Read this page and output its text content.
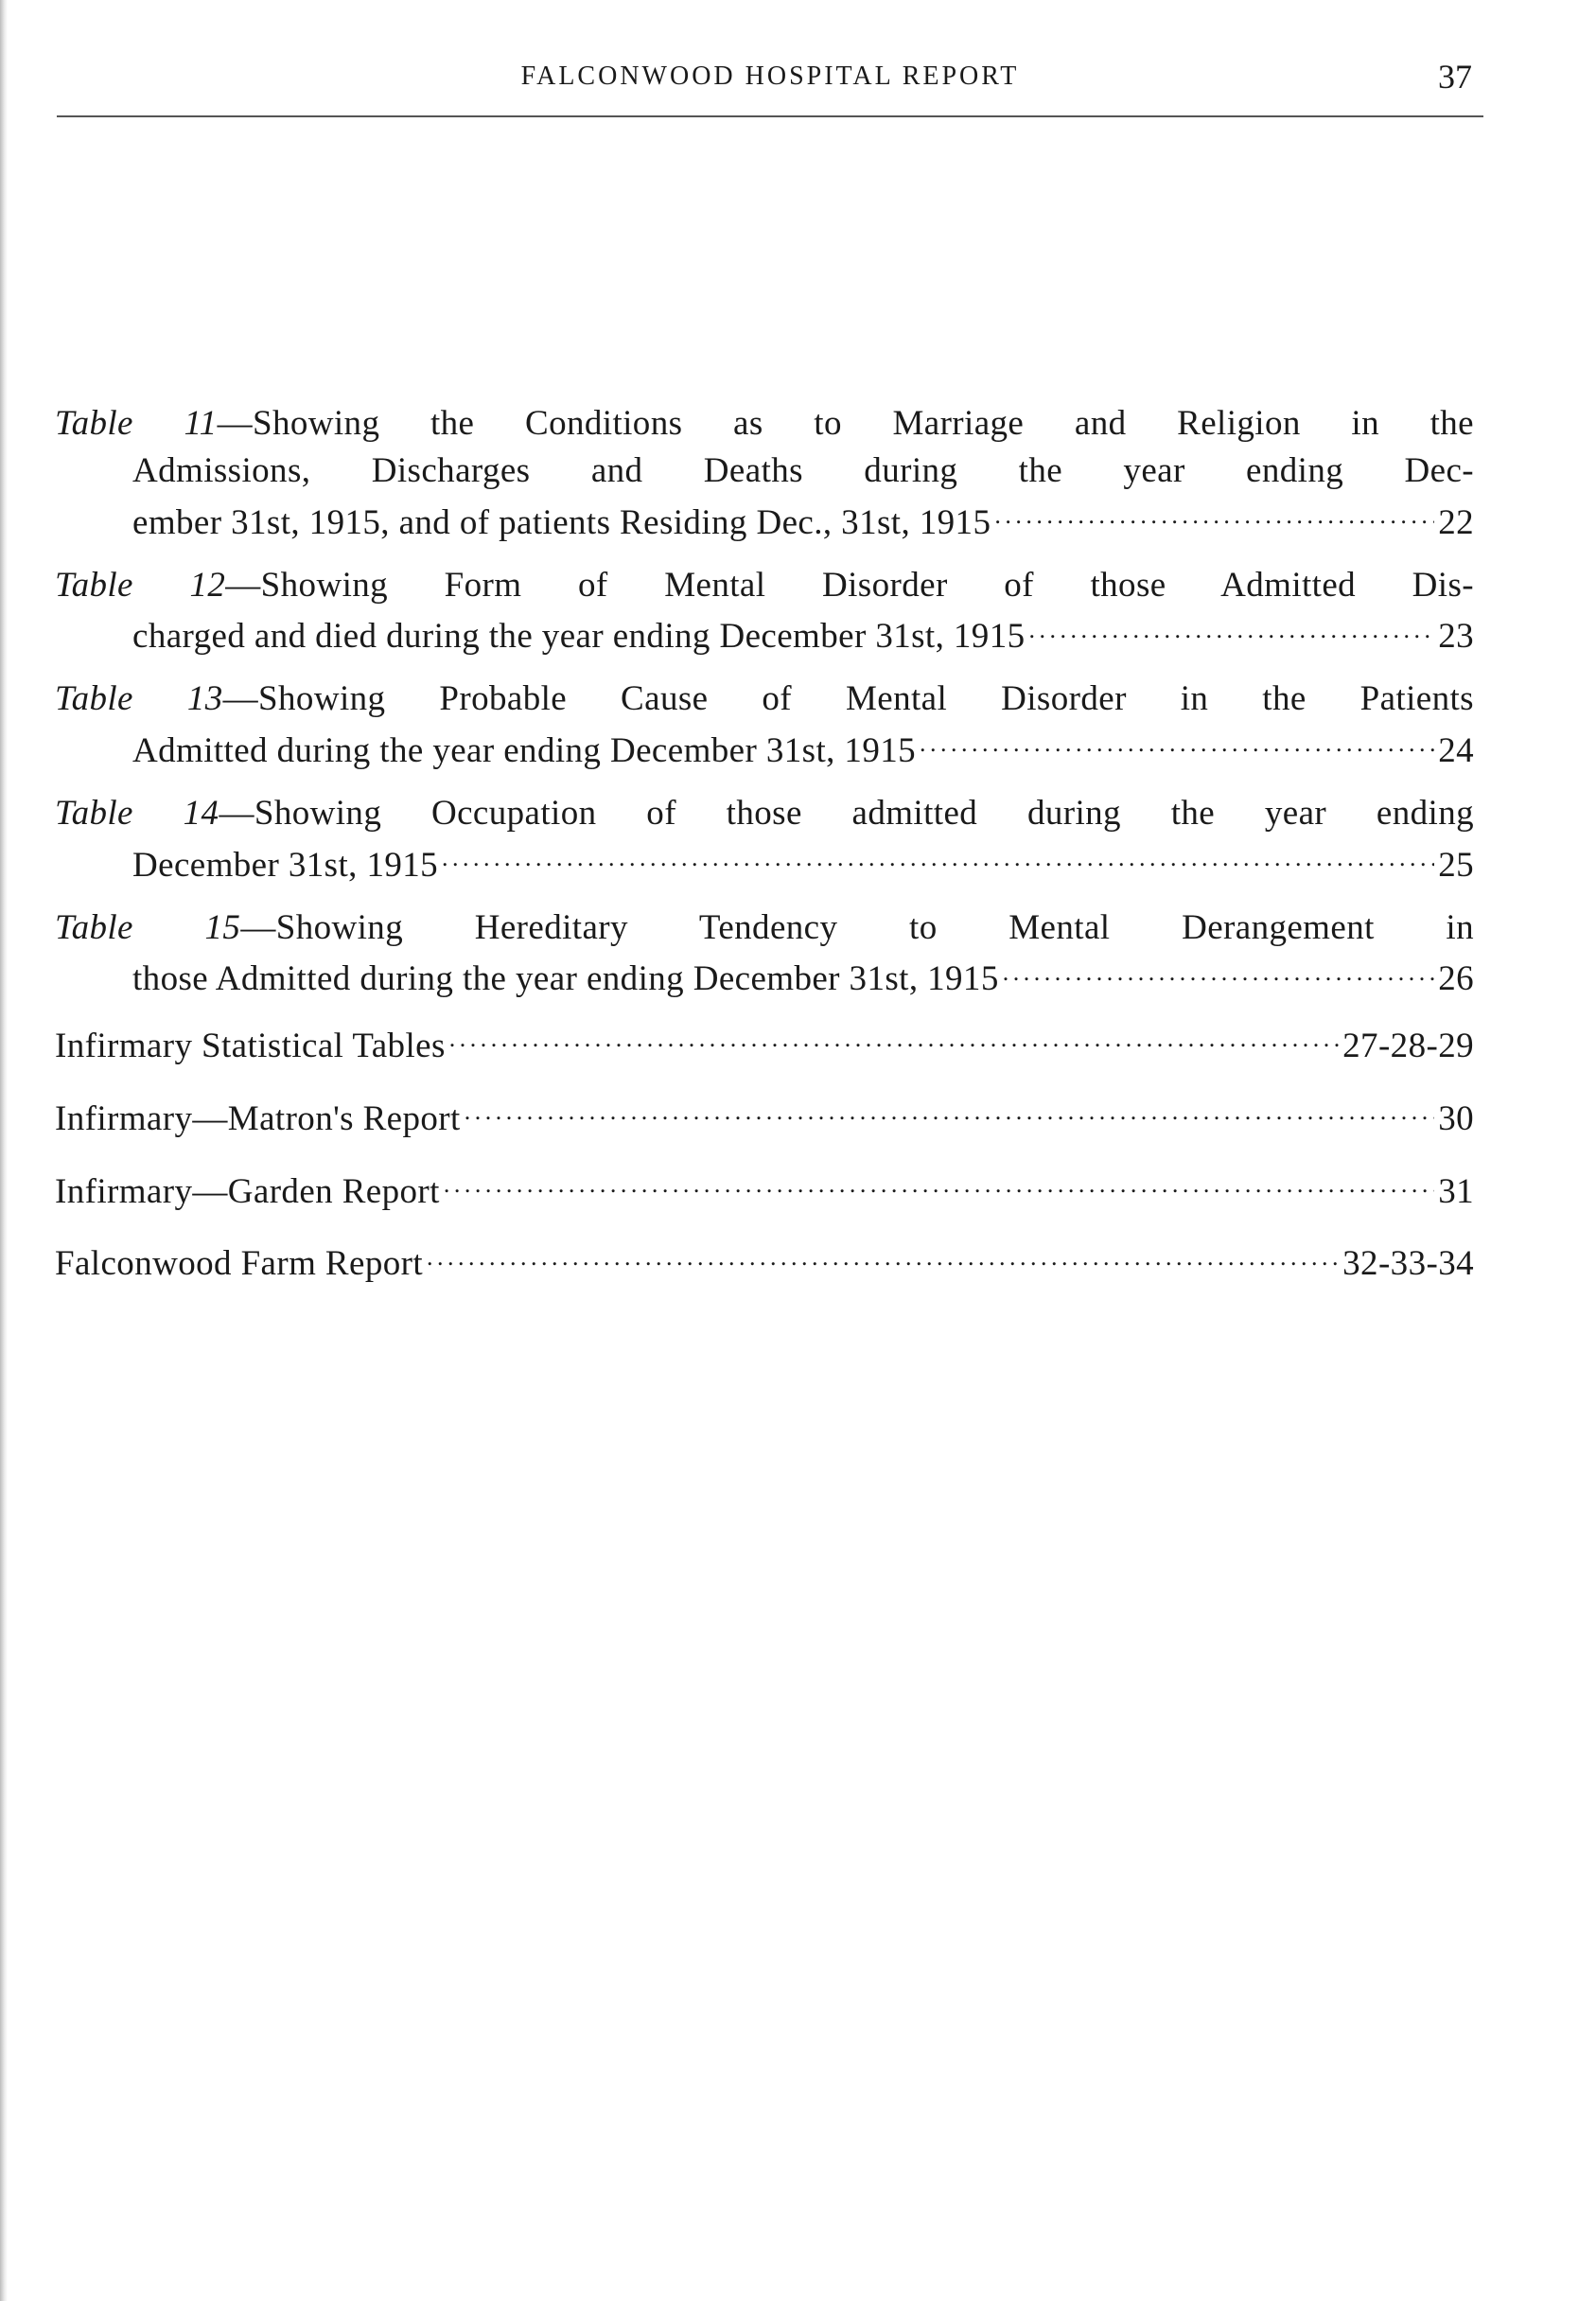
FALCONWOOD HOSPITAL REPORT	37
Table 11—Showing the Conditions as to Marriage and Religion in the
Admissions, Discharges and Deaths during the year ending Dec-
ember 31st, 1915, and of patients Residing Dec., 31st, 1915 . . .	22
Table 12—Showing Form of Mental Disorder of those Admitted Dis-
charged and died during the year ending December 31st, 1915 . . .	23
Table 13—Showing Probable Cause of Mental Disorder in the Patients
Admitted during the year ending December 31st, 1915 . . .	24
Table 14—Showing Occupation of those admitted during the year ending
December 31st, 1915 . . .	25
Table 15—Showing Hereditary Tendency to Mental Derangement in
those Admitted during the year ending December 31st, 1915 . . .	26
Infirmary Statistical Tables . . .	27-28-29
Infirmary—Matron's Report . . .	30
Infirmary—Garden Report . . .	31
Falconwood Farm Report . . .	32-33-34
